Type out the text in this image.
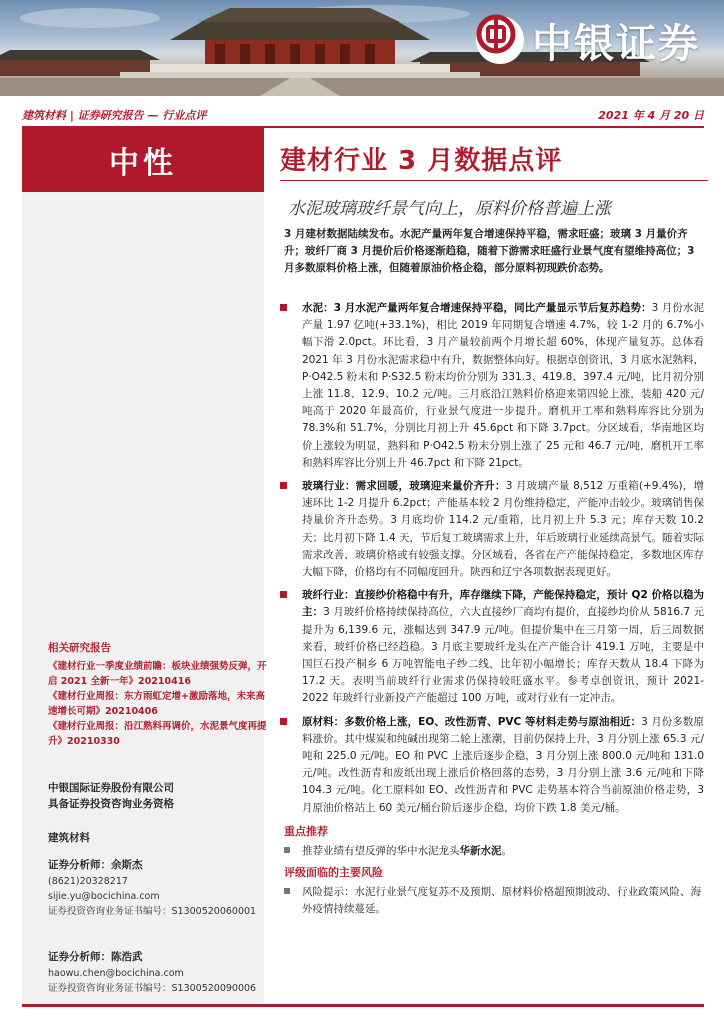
中银证券
建筑材料 | 证券研究报告 — 行业点评	2021 年 4 月 20 日
中性
相关研究报告
《建材行业一季度业绩前瞻：板块业绩强势反弹，开启 2021 全新一年》20210416
《建材行业周报：东方雨虹定增+激励落地，未来高速增长可期》20210406
《建材行业周报：沿江熟料再调价，水泥景气度再提升》20210330
中银国际证券股份有限公司
具备证券投资咨询业务资格
建筑材料
证券分析师：余斯杰
(8621)20328217
sijie.yu@bocichina.com
证券投资咨询业务证书编号：S1300520060001
证券分析师：陈浩武
haowu.chen@bocichina.com
证券投资咨询业务证书编号：S1300520090006
建材行业 3 月数据点评
水泥玻璃玻纤景气向上，原料价格普遍上涨
3 月建材数据陆续发布。水泥产量两年复合增速保持平稳，需求旺盛；玻璃 3 月量价齐升；玻纤厂商 3 月提价后价格逐渐趋稳，随着下游需求旺盛行业景气度有望维持高位；3 月多数原料价格上涨，但随着原油价格企稳，部分原料初现跌价态势。
水泥：3 月水泥产量两年复合增速保持平稳，同比产量显示节后复苏趋势：3 月份水泥产量 1.97 亿吨(+33.1%)，相比 2019 年同期复合增速 4.7%，较 1-2 月的 6.7%小幅下滑 2.0pct。环比看，3 月产量较前两个月增长超 60%，体现产量复苏。总体看 2021 年 3 月份水泥需求稳中有升，数据整体向好。根据卓创资讯，3 月底水泥熟料，P·O42.5 粉末和 P·S32.5 粉末均价分别为 331.3、419.8、397.4 元/吨，比月初分别上涨 11.8、12.9、10.2 元/吨。三月底沿江熟料价格迎来第四轮上涨，装船 420 元/吨高于 2020 年最高价，行业景气度进一步提升。磨机开工率和熟料库容比分别为 78.3%和 51.7%，分别比月初上升 45.6pct 和下降 3.7pct。分区域看，华南地区均价上涨较为明显，熟料和 P·O42.5 粉末分别上涨了 25 元和 46.7 元/吨，磨机开工率和熟料库容比分别上升 46.7pct 和下降 21pct。
玻璃行业：需求回暖，玻璃迎来量价齐升：3 月玻璃产量 8,512 万重箱(+9.4%)，增速环比 1-2 月提升 6.2pct；产能基本较 2 月份维持稳定，产能冲击较少。玻璃销售保持量价齐升态势。3 月底均价 114.2 元/重箱，比月初上升 5.3 元；库存天数 10.2 天；比月初下降 1.4 天，节后复工玻璃需求上升，年后玻璃行业延续高景气。随着实际需求改善，玻璃价格或有较强支撑。分区域看，各省在产产能保持稳定，多数地区库存大幅下降，价格均有不同幅度回升。陕西和辽宁各项数据表现更好。
玻纤行业：直接纱价格稳中有升，库存继续下降，产能保持稳定，预计 Q2 价格以稳为主：3 月玻纤价格持续保持高位，六大直接纱厂商均有提价，直接纱均价从 5816.7 元提升为 6,139.6 元，涨幅达到 347.9 元/吨。但提价集中在三月第一周，后三周数据来看，玻纤价格已经趋稳。3 月底主要玻纤龙头在产产能合计 419.1 万吨，主要是中国巨石投产桐乡 6 万吨智能电子纱二线，比年初小幅增长；库存天数从 18.4 下降为 17.2 天。表明当前玻纤行业需求仍保持较旺盛水平。参考卓创资讯，预计 2021-2022 年玻纤行业新投产产能超过 100 万吨，或对行业有一定冲击。
原材料：多数价格上涨，EO、改性沥青、PVC 等材料走势与原油相近：3 月份多数原料涨价。其中煤炭和纯碱出现第二轮上涨潮，目前仍保持上升，3 月分别上涨 65.3 元/吨和 225.0 元/吨。EO 和 PVC 上涨后逐步企稳，3 月分别上涨 800.0 元/吨和 131.0 元/吨。改性沥青和废纸出现上涨后价格回落的态势，3 月分别上涨 3.6 元/吨和下降 104.3 元/吨。化工原料如 EO、改性沥青和 PVC 走势基本符合当前原油价格走势，3 月原油价格站上 60 美元/桶台阶后逐步企稳，均价下跌 1.8 美元/桶。
重点推荐
推荐业绩有望反弹的华中水泥龙头华新水泥。
评级面临的主要风险
风险提示：水泥行业景气度复苏不及预期、原材料价格超预期波动、行业政策风险、海外疫情持续蔓延。
